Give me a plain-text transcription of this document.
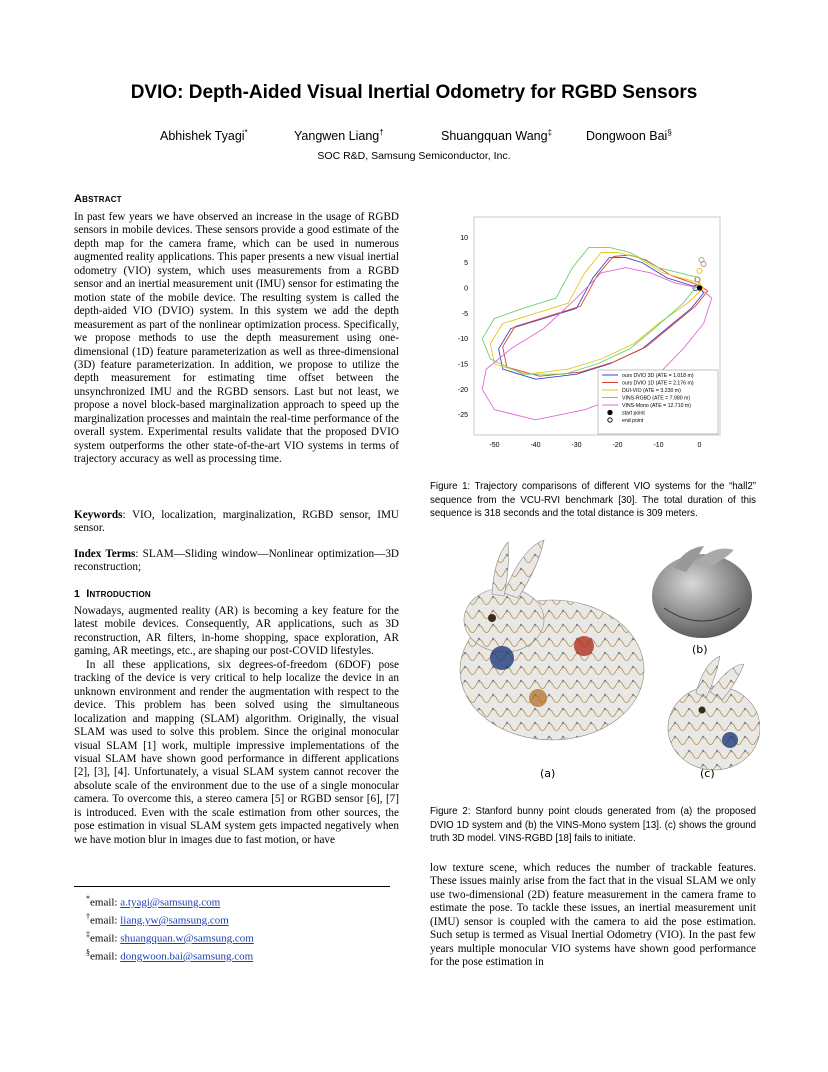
DVIO: Depth-Aided Visual Inertial Odometry for RGBD Sensors
Abhishek Tyagi*	Yangwen Liang†	Shuangquan Wang‡	Dongwoon Bai§
SOC R&D, Samsung Semiconductor, Inc.
Abstract

In past few years we have observed an increase in the usage of RGBD sensors in mobile devices. These sensors provide a good estimate of the depth map for the camera frame, which can be used in numerous augmented reality applications. This paper presents a new visual inertial odometry (VIO) system, which uses measurements from a RGBD sensor and an inertial measurement unit (IMU) sensor for estimating the motion state of the mobile device. The resulting system is called the depth-aided VIO (DVIO) system. In this system we add the depth measurement as part of the nonlinear optimization process. Specifically, we propose methods to use the depth measurement using one-dimensional (1D) feature parameterization as well as three-dimensional (3D) feature parameterization. In addition, we propose to utilize the depth measurement for estimating time offset between the unsynchronized IMU and the RGBD sensors. Last but not least, we propose a novel block-based marginalization approach to speed up the marginalization processes and maintain the real-time performance of the overall system. Experimental results validate that the proposed DVIO system outperforms the other state-of-the-art VIO systems in terms of trajectory accuracy as well as processing time.

Keywords: VIO, localization, marginalization, RGBD sensor, IMU sensor.

Index Terms: SLAM—Sliding window—Nonlinear optimization—3D reconstruction;

1 Introduction

Nowadays, augmented reality (AR) is becoming a key feature for the latest mobile devices. Consequently, AR applications, such as 3D reconstruction, AR filters, in-home shopping, space exploration, AR gaming, AR meetings, etc., are shaping our post-COVID lifestyles.

In all these applications, six degrees-of-freedom (6DOF) pose tracking of the device is very critical to help localize the device in an unknown environment and render the augmentation with respect to the device. This problem has been solved using the simultaneous localization and mapping (SLAM) algorithm. Originally, the visual SLAM was used to solve this problem. Since the original monocular visual SLAM [1] work, multiple impressive implementations of the visual SLAM have shown good performance in different applications [2], [3], [4]. Unfortunately, a visual SLAM system cannot recover the absolute scale of the environment due to the use of a single monocular camera. To overcome this, a stereo camera [5] or RGBD sensor [6], [7] is introduced. Even with the scale estimation from other sources, the pose estimation in visual SLAM system gets impacted negatively when we have motion blur in images due to fast motion, or have

*email: a.tyagi@samsung.com
†email: liang.yw@samsung.com
‡email: shuangquan.w@samsung.com
§email: dongwoon.bai@samsung.com
10
5
0
-5
-10
-15
-20
-25
-50	-40	-30	-20	-10	0
ours DVIO 3D (ATE = 1.018 m)
ours DVIO 1D (ATE = 2.176 m)
DUI-VIO (ATE = 3.230 m)
VINS-RGBD (ATE = 7.980 m)
VINS-Mono (ATE = 12.710 m)
start point
end point

Figure 1: Trajectory comparisons of different VIO systems for the “hall2” sequence from the VCU-RVI benchmark [30]. The total duration of this sequence is 318 seconds and the total distance is 309 meters.

(a)
(b)
(c)

Figure 2: Stanford bunny point clouds generated from (a) the proposed DVIO 1D system and (b) the VINS-Mono system [13]. (c) shows the ground truth 3D model. VINS-RGBD [18] fails to initiate.

low texture scene, which reduces the number of trackable features. These issues mainly arise from the fact that in the visual SLAM we only use two-dimensional (2D) feature measurement in the camera frame to estimate the pose. To tackle these issues, an inertial measurement unit (IMU) sensor is coupled with the camera to aid the pose estimation. Such setup is termed as Visual Inertial Odometry (VIO). In the past few years multiple monocular VIO systems have shown good performance for the pose estimation in
